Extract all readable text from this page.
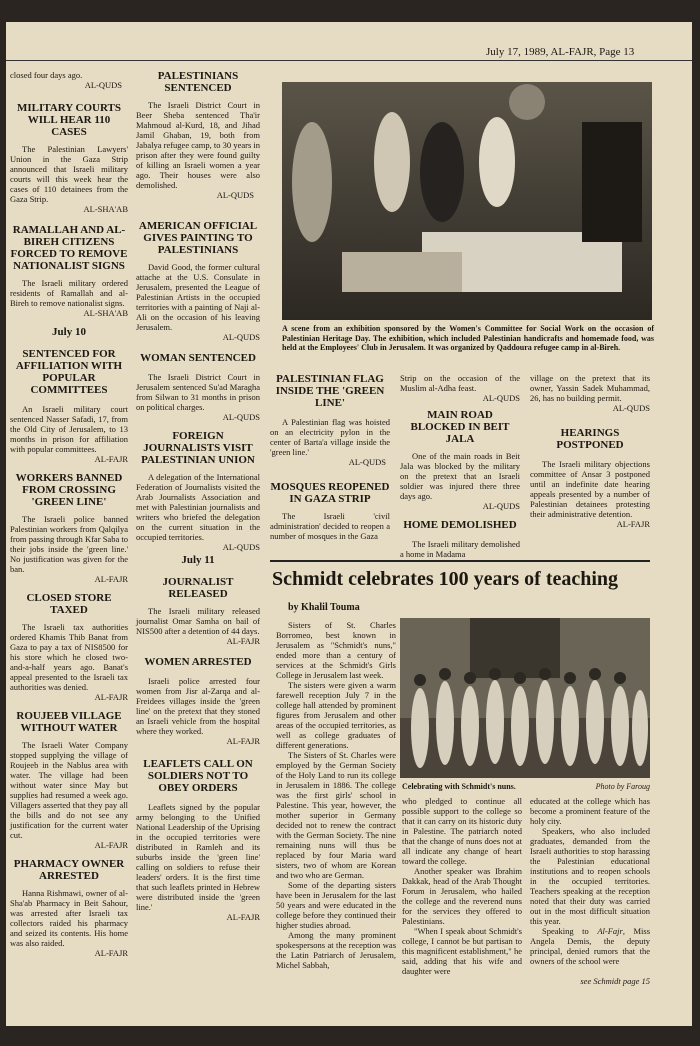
July 17, 1989, AL-FAJR, Page 13

closed four days ago.

AL-QUDS

MILITARY COURTS WILL HEAR 110 CASES

The Palestinian Lawyers' Union in the Gaza Strip announced that Israeli military courts will this week hear the cases of 110 detainees from the Gaza Strip.

AL-SHA'AB

RAMALLAH AND AL-BIREH CITIZENS FORCED TO REMOVE NATIONALIST SIGNS

The Israeli military ordered residents of Ramallah and al-Bireh to remove nationalist signs.

AL-SHA'AB

July 10

SENTENCED FOR AFFILIATION WITH POPULAR COMMITTEES

An Israeli military court sentenced Nasser Safadi, 17, from the Old City of Jerusalem, to 13 months in prison for affiliation with popular committees.

AL-FAJR

WORKERS BANNED FROM CROSSING 'GREEN LINE'

The Israeli police banned Palestinian workers from Qalqilya from passing through Kfar Saba to their jobs inside the 'green line.' No justification was given for the ban.

AL-FAJR

CLOSED STORE TAXED

The Israeli tax authorities ordered Khamis Thib Banat from Gaza to pay a tax of NIS8500 for his store which he closed two-and-a-half years ago. Banat's appeal presented to the Israeli tax authorities was denied.

AL-FAJR

ROUJEEB VILLAGE WITHOUT WATER

The Israeli Water Company stopped supplying the village of Roujeeb in the Nablus area with water. The village had been without water since May but supplies had resumed a week ago. Villagers asserted that they pay all the bills and do not see any justification for the current water cut.

AL-FAJR

PHARMACY OWNER ARRESTED

Hanna Rishmawi, owner of al-Sha'ab Pharmacy in Beit Sahour, was arrested after Israeli tax collectors raided his pharmacy and seized its contents. His home was also raided.

AL-FAJR

PALESTINIANS SENTENCED

The Israeli District Court in Beer Sheba sentenced Tha'ir Mahmoud al-Kurd, 18, and Jihad Jamil Ghaban, 19, both from Jabalya refugee camp, to 30 years in prison after they were found guilty of killing an Israeli women a year ago. Their houses were also demolished.

AL-QUDS

AMERICAN OFFICIAL GIVES PAINTING TO PALESTINIANS

David Good, the former cultural attache at the U.S. Consulate in Jerusalem, presented the League of Palestinian Artists in the occupied territories with a painting of Naji al-Ali on the occasion of his leaving Jerusalem.

AL-QUDS

WOMAN SENTENCED

The Israeli District Court in Jerusalem sentenced Su'ad Maragha from Silwan to 31 months in prison on political charges.

AL-QUDS

FOREIGN JOURNALISTS VISIT PALESTINIAN UNION

A delegation of the International Federation of Journalists visited the Arab Journalists Association and met with Palestinian journalists and writers who briefed the delegation on the current situation in the occupied territories.

AL-QUDS

July 11

JOURNALIST RELEASED

The Israeli military released journalist Omar Samha on bail of NIS500 after a detention of 44 days.

AL-FAJR

WOMEN ARRESTED

Israeli police arrested four women from Jisr al-Zarqa and al-Freidees villages inside the 'green line' on the pretext that they stoned an Israeli vehicle from the hospital where they worked.

AL-FAJR

LEAFLETS CALL ON SOLDIERS NOT TO OBEY ORDERS

Leaflets signed by the popular army belonging to the Unified National Leadership of the Uprising in the occupied territories were distributed in Ramleh and its suburbs inside the 'green line' calling on soldiers to refuse their leaders' orders. It is the first time that such leaflets printed in Hebrew were distributed inside the 'green line.'

AL-FAJR

A scene from an exhibition sponsored by the Women's Committee for Social Work on the occasion of Palestinian Heritage Day. The exhibition, which included Palestinian handicrafts and homemade food, was held at the Employees' Club in Jerusalem. It was organized by Qaddoura refugee camp in al-Bireh.

PALESTINIAN FLAG INSIDE THE 'GREEN LINE'

A Palestinian flag was hoisted on an electricity pylon in the center of Barta'a village inside the 'green line.'

AL-QUDS

MOSQUES REOPENED IN GAZA STRIP

The Israeli 'civil administration' decided to reopen a number of mosques in the Gaza

Strip on the occasion of the Muslim al-Adha feast.

AL-QUDS

MAIN ROAD BLOCKED IN BEIT JALA

One of the main roads in Beit Jala was blocked by the military on the pretext that an Israeli soldier was injured there three days ago.

AL-QUDS

HOME DEMOLISHED

The Israeli military demolished a home in Madama

village on the pretext that its owner, Yassin Sadek Muhammad, 26, has no building permit.

AL-QUDS

HEARINGS POSTPONED

The Israeli military objections committee of Ansar 3 postponed until an indefinite date hearing appeals presented by a number of Palestinian detainees protesting their administrative detention.

AL-FAJR

Schmidt celebrates 100 years of teaching
by Khalil Touma

Sisters of St. Charles Borromeo, best known in Jerusalem as "Schmidt's nuns," ended more than a century of services at the Schmidt's Girls College in Jerusalem last week.

The sisters were given a warm farewell reception July 7 in the college hall attended by prominent figures from Jerusalem and other areas of the occupied territories, as well as college graduates of different generations.

The Sisters of St. Charles were employed by the German Society of the Holy Land to run its college in Jerusalem in 1886. The college was the first girls' school in Palestine. This year, however, the mother superior in Germany decided not to renew the contract with the German Society. The nine remaining nuns will thus be replaced by four Maria ward sisters, two of whom are Korean and two who are German.

Some of the departing sisters have been in Jerusalem for the last 50 years and were educated in the college before they continued their higher studies abroad.

Among the many prominent spokespersons at the reception was the Latin Patriarch of Jerusalem, Michel Sabbah,

Celebrating with Schmidt's nuns.	Photo by Faroug

who pledged to continue all possible support to the college so that it can carry on its historic duty in Palestine. The patriarch noted that the change of nuns does not at all indicate any change of heart toward the college.

Another speaker was Ibrahim Dakkak, head of the Arab Thought Forum in Jerusalem, who hailed the college and the reverend nuns for the services they offered to Palestinians.

"When I speak about Schmidt's college, I cannot be but partisan to this magnificent establishment," he said, adding that his wife and daughter were

educated at the college which has become a prominent feature of the holy city.

Speakers, who also included graduates, demanded from the Israeli authorities to stop harassing the Palestinian educational institutions and to reopen schools in the occupied territories. Teachers speaking at the reception noted that their duty was carried out in the most difficult situation this year.

Speaking to Al-Fajr, Miss Angela Demis, the deputy principal, denied rumors that the owners of the school were

see Schmidt page 15
